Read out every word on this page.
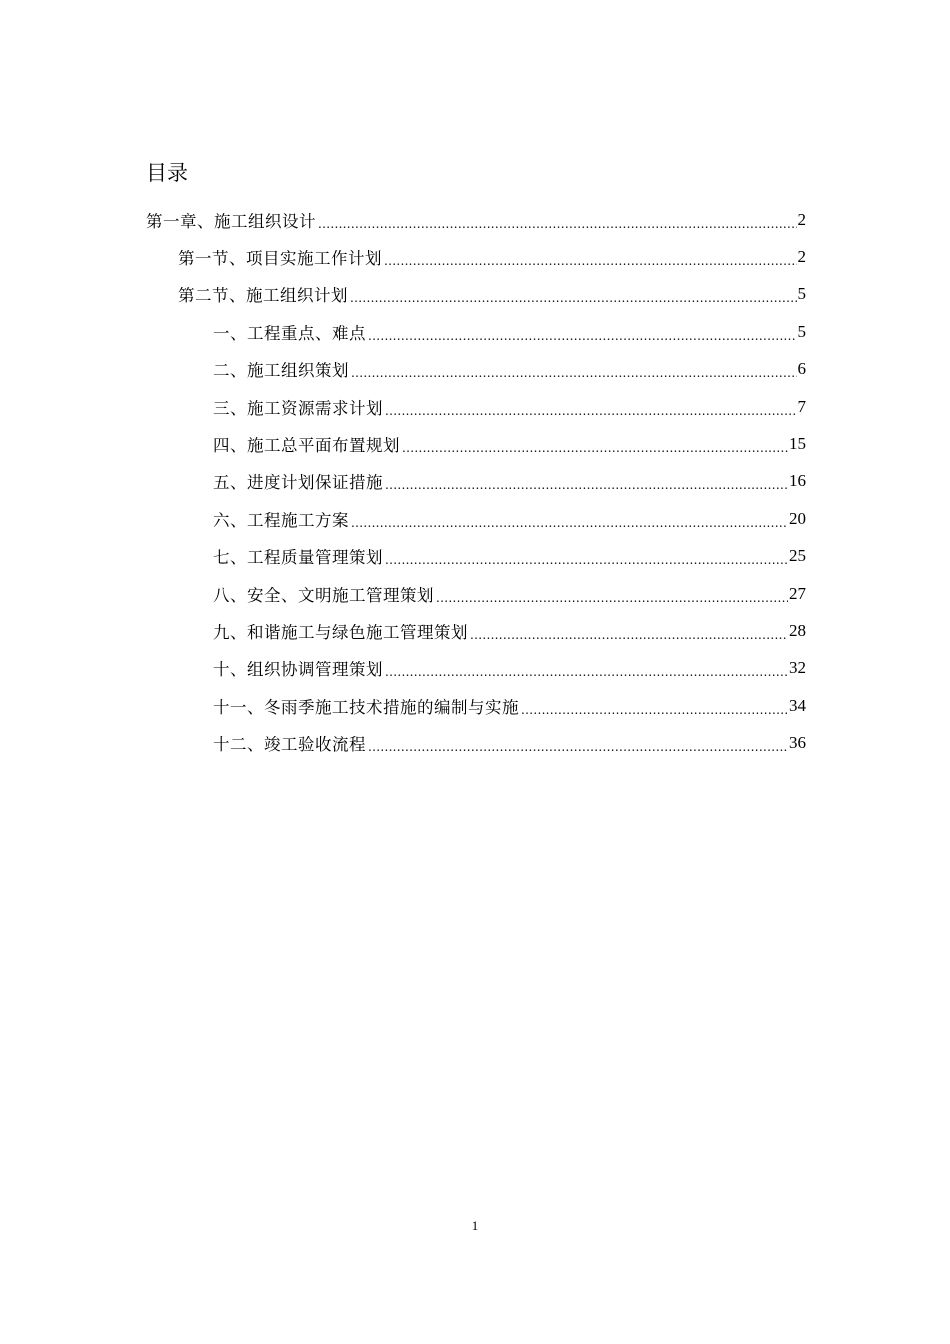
目录
第一章、施工组织设计 .....	2
第一节、项目实施工作计划 .....	2
第二节、施工组织计划 .....	5
一、工程重点、难点 .....	5
二、施工组织策划 .....	6
三、施工资源需求计划 .....	7
四、施工总平面布置规划 .....	15
五、进度计划保证措施 .....	16
六、工程施工方案 .....	20
七、工程质量管理策划 .....	25
八、安全、文明施工管理策划 .....	27
九、和谐施工与绿色施工管理策划 .....	28
十、组织协调管理策划 .....	32
十一、冬雨季施工技术措施的编制与实施 .....	34
十二、竣工验收流程 .....	36
1
